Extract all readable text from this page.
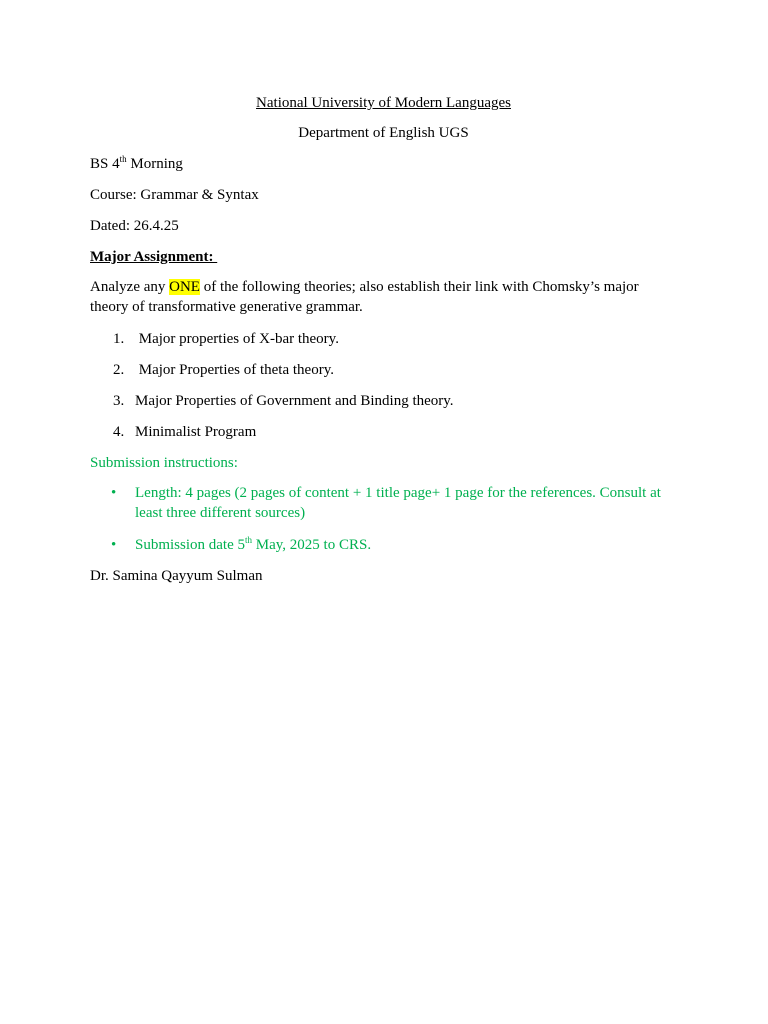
National University of Modern Languages

Department of English UGS

BS 4th Morning

Course: Grammar & Syntax

Dated: 26.4.25

Major Assignment:

Analyze any ONE of the following theories; also establish their link with Chomsky’s major theory of transformative generative grammar.

1. Major properties of X-bar theory.
2. Major Properties of theta theory.
3. Major Properties of Government and Binding theory.
4. Minimalist Program

Submission instructions:

• Length: 4 pages (2 pages of content + 1 title page+ 1 page for the references. Consult at least three different sources)
• Submission date 5th May, 2025 to CRS.

Dr. Samina Qayyum Sulman
